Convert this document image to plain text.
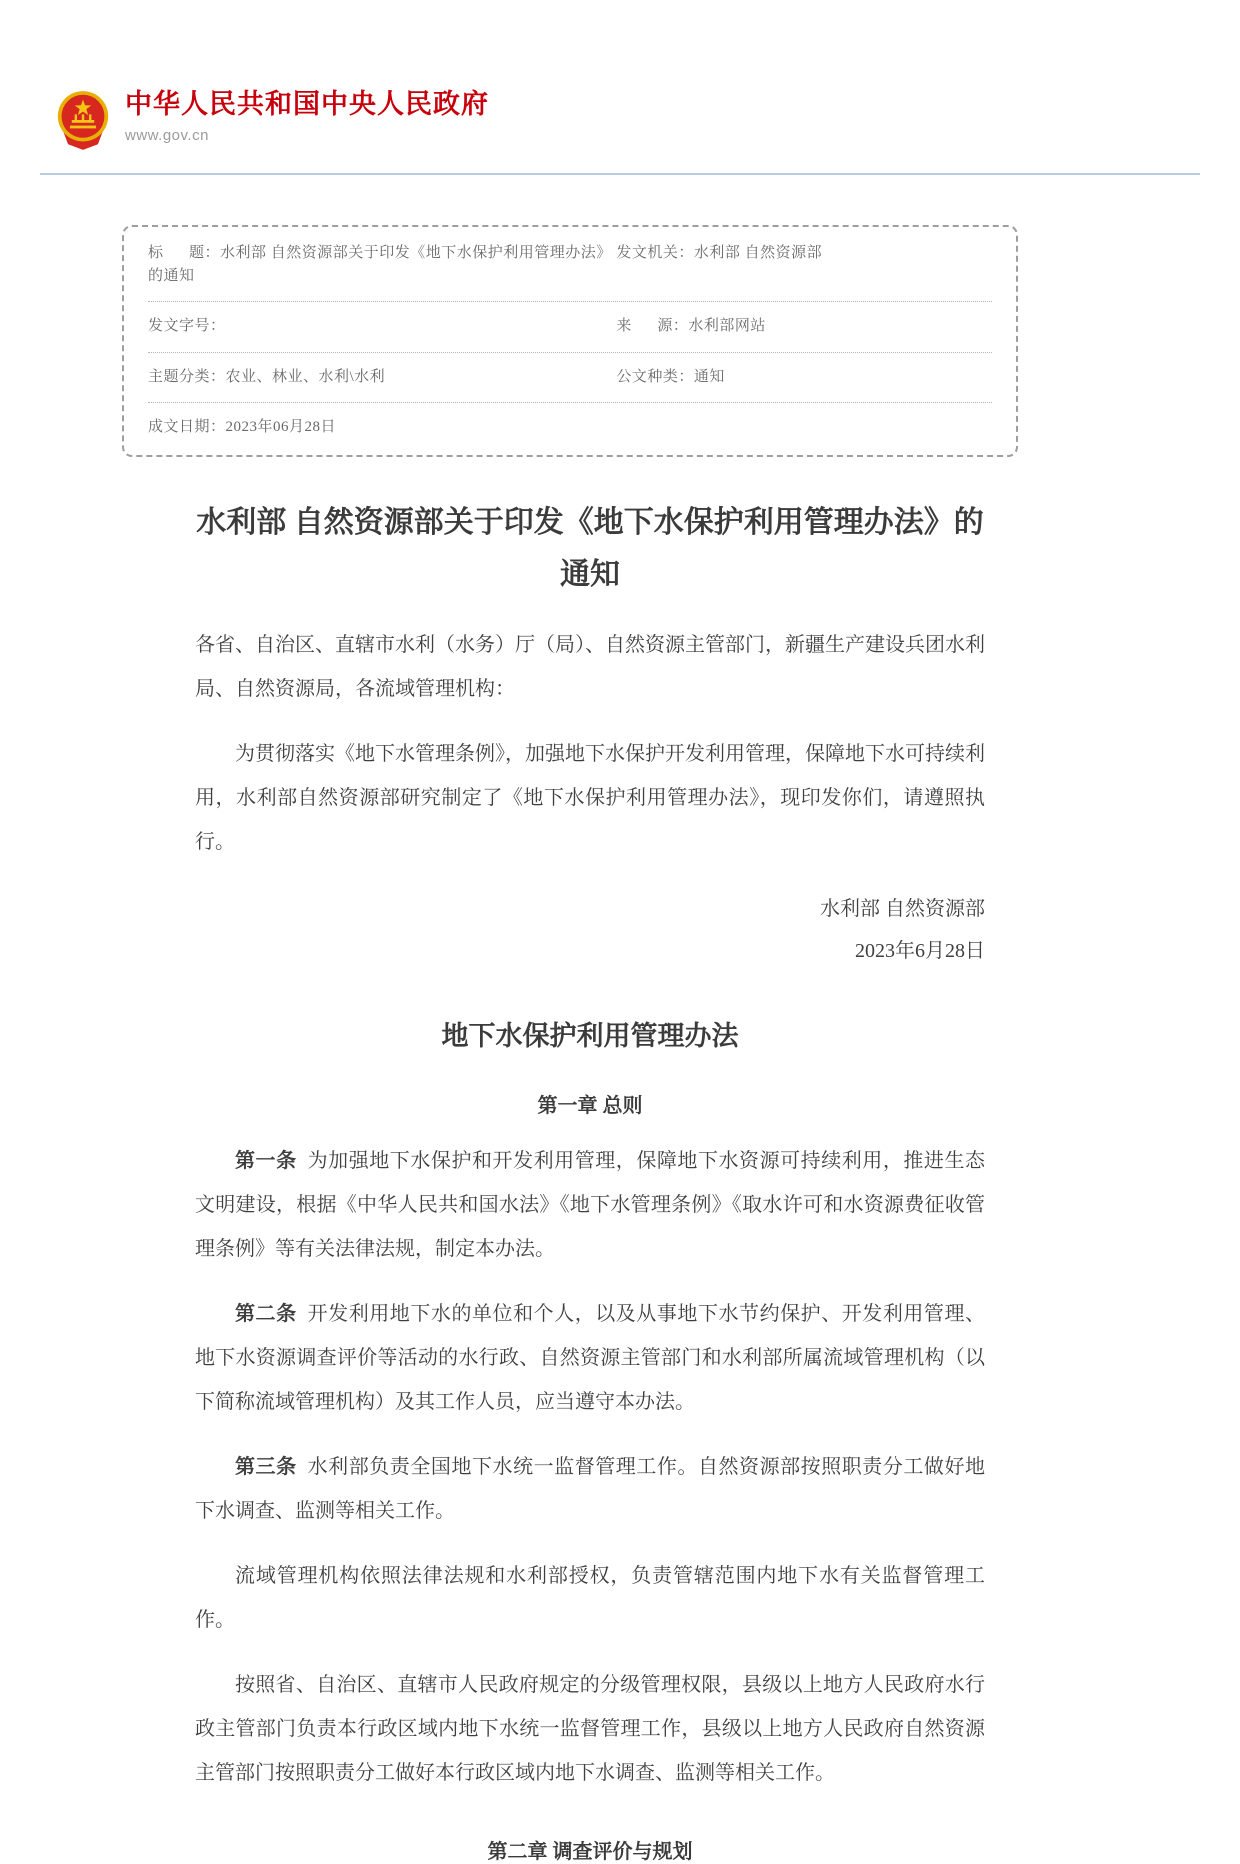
中华人民共和国中央人民政府
www.gov.cn
标      题：水利部 自然资源部关于印发《地下水保护利用管理办法》的通知
发文机关：水利部 自然资源部
发文字号：	来      源：水利部网站
主题分类：农业、林业、水利\水利	公文种类：通知
成文日期：2023年06月28日
水利部 自然资源部关于印发《地下水保护利用管理办法》的通知

各省、自治区、直辖市水利（水务）厅（局）、自然资源主管部门，新疆生产建设兵团水利局、自然资源局，各流域管理机构：

为贯彻落实《地下水管理条例》，加强地下水保护开发利用管理，保障地下水可持续利用，水利部自然资源部研究制定了《地下水保护利用管理办法》，现印发你们，请遵照执行。

水利部 自然资源部
2023年6月28日
地下水保护利用管理办法
第一章 总则

第一条 为加强地下水保护和开发利用管理，保障地下水资源可持续利用，推进生态文明建设，根据《中华人民共和国水法》《地下水管理条例》《取水许可和水资源费征收管理条例》等有关法律法规，制定本办法。

第二条 开发利用地下水的单位和个人，以及从事地下水节约保护、开发利用管理、地下水资源调查评价等活动的水行政、自然资源主管部门和水利部所属流域管理机构（以下简称流域管理机构）及其工作人员，应当遵守本办法。

第三条 水利部负责全国地下水统一监督管理工作。自然资源部按照职责分工做好地下水调查、监测等相关工作。

流域管理机构依照法律法规和水利部授权，负责管辖范围内地下水有关监督管理工作。

按照省、自治区、直辖市人民政府规定的分级管理权限，县级以上地方人民政府水行政主管部门负责本行政区域内地下水统一监督管理工作，县级以上地方人民政府自然资源主管部门按照职责分工做好本行政区域内地下水调查、监测等相关工作。

第二章 调查评价与规划
